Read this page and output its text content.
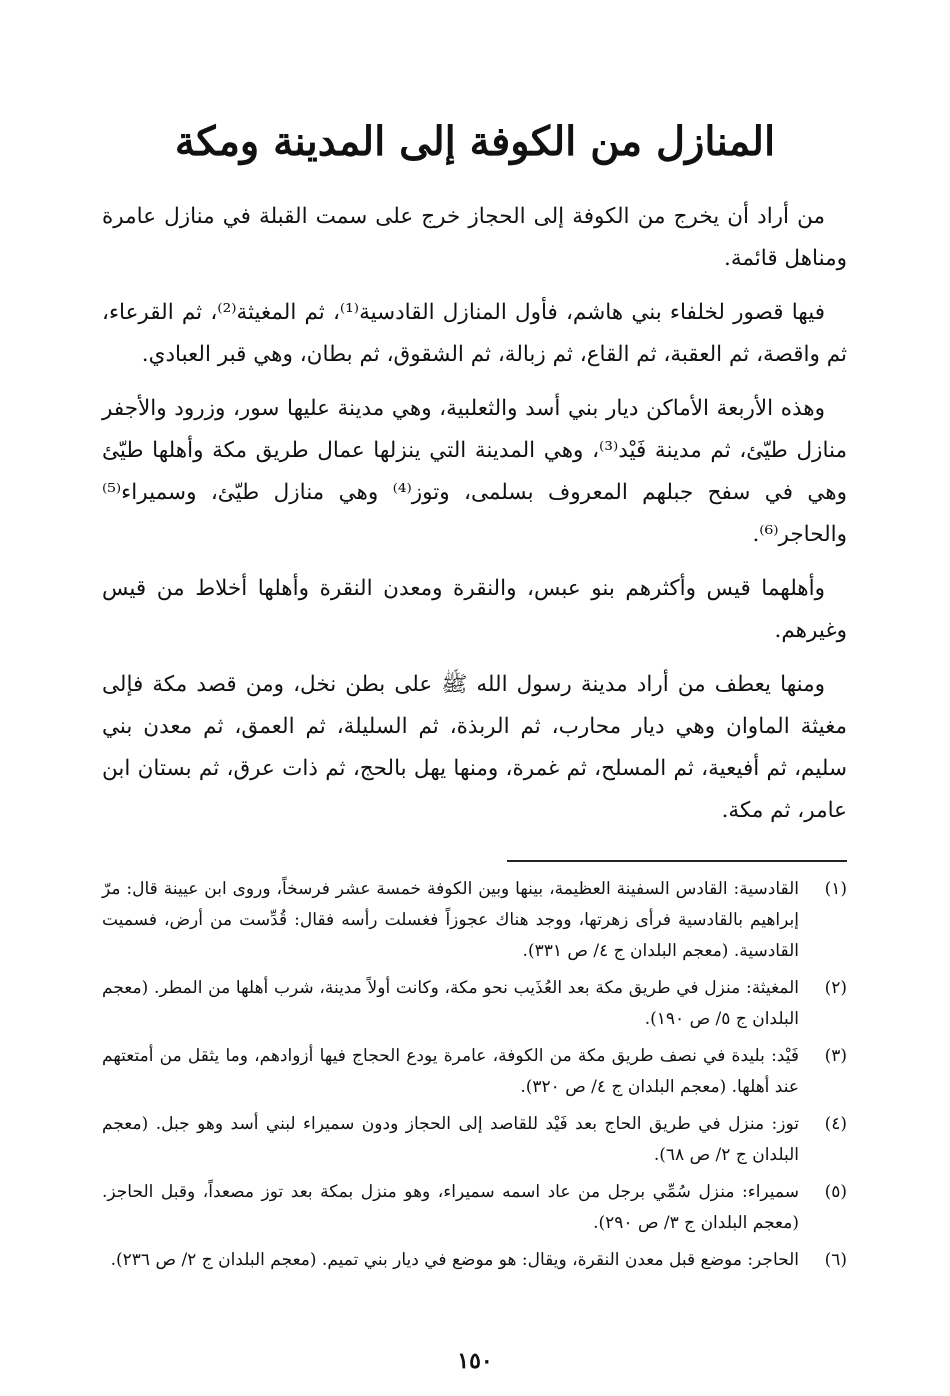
المنازل من الكوفة إلى المدينة ومكة

من أراد أن يخرج من الكوفة إلى الحجاز خرج على سمت القبلة في منازل عامرة ومناهل قائمة.

فيها قصور لخلفاء بني هاشم، فأول المنازل القادسية⁽¹⁾، ثم المغيثة⁽²⁾، ثم القرعاء، ثم واقصة، ثم العقبة، ثم القاع، ثم زبالة، ثم الشقوق، ثم بطان، وهي قبر العبادي.

وهذه الأربعة الأماكن ديار بني أسد والثعلبية، وهي مدينة عليها سور، وزرود والأجفر منازل طيّئ، ثم مدينة فَيْد⁽³⁾، وهي المدينة التي ينزلها عمال طريق مكة وأهلها طيّئ وهي في سفح جبلهم المعروف بسلمى، وتوز⁽⁴⁾ وهي منازل طيّئ، وسميراء⁽⁵⁾ والحاجر⁽⁶⁾.

وأهلهما قيس وأكثرهم بنو عبس، والنقرة ومعدن النقرة وأهلها أخلاط من قيس وغيرهم.

ومنها يعطف من أراد مدينة رسول الله ﷺ على بطن نخل، ومن قصد مكة فإلى مغيثة الماوان وهي ديار محارب، ثم الربذة، ثم السليلة، ثم العمق، ثم معدن بني سليم، ثم أفيعية، ثم المسلح، ثم غمرة، ومنها يهل بالحج، ثم ذات عرق، ثم بستان ابن عامر، ثم مكة.

(١)
القادسية: القادس السفينة العظيمة، بينها وبين الكوفة خمسة عشر فرسخاً، وروى ابن عيينة قال: مرّ إبراهيم بالقادسية فرأى زهرتها، ووجد هناك عجوزاً فغسلت رأسه فقال: قُدِّست من أرض، فسميت القادسية. (معجم البلدان ج ٤/ ص ٣٣١).
(٢)
المغيثة: منزل في طريق مكة بعد العُذَيب نحو مكة، وكانت أولاً مدينة، شرب أهلها من المطر. (معجم البلدان ج ٥/ ص ١٩٠).
(٣)
فَيْد: بليدة في نصف طريق مكة من الكوفة، عامرة يودع الحجاج فيها أزوادهم، وما يثقل من أمتعتهم عند أهلها. (معجم البلدان ج ٤/ ص ٣٢٠).
(٤)
توز: منزل في طريق الحاج بعد فَيْد للقاصد إلى الحجاز ودون سميراء لبني أسد وهو جبل. (معجم البلدان ج ٢/ ص ٦٨).
(٥)
سميراء: منزل سُمِّي برجل من عاد اسمه سميراء، وهو منزل بمكة بعد توز مصعداً، وقبل الحاجز. (معجم البلدان ج ٣/ ص ٢٩٠).
(٦)
الحاجر: موضع قبل معدن النقرة، ويقال: هو موضع في ديار بني تميم. (معجم البلدان ج ٢/ ص ٢٣٦).
١٥٠
